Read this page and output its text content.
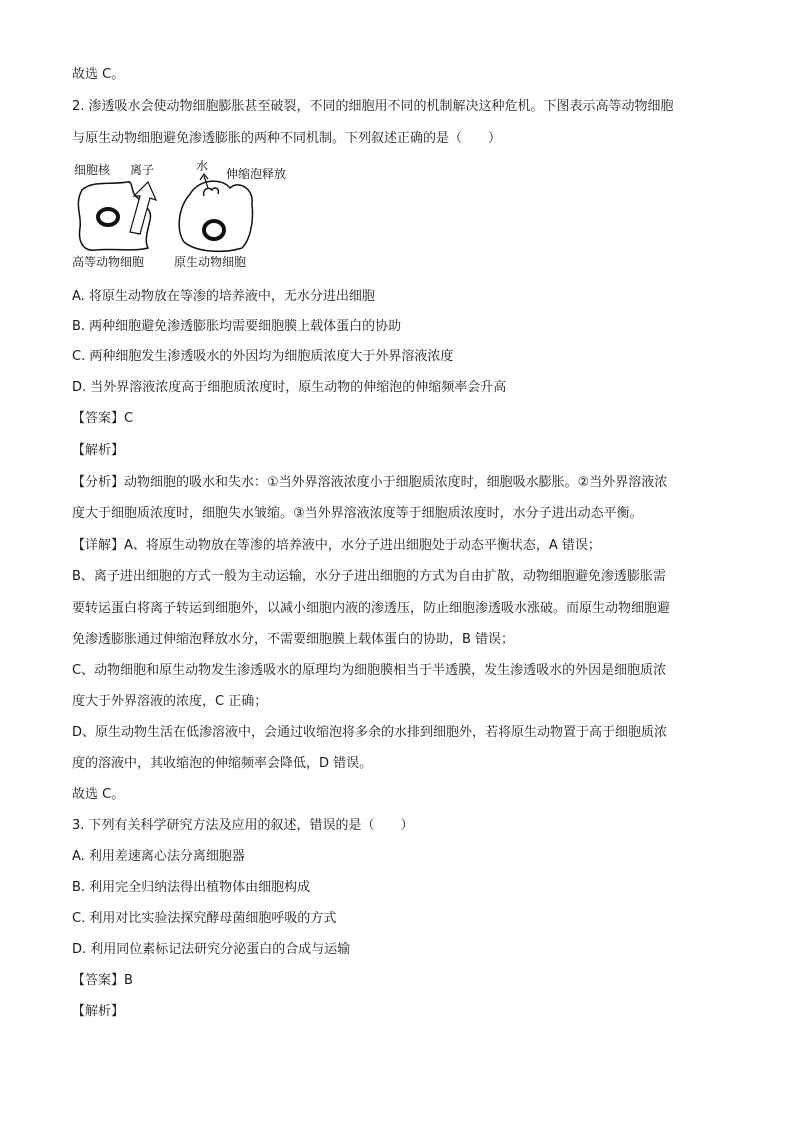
故选 C。
2. 渗透吸水会使动物细胞膨胀甚至破裂，不同的细胞用不同的机制解决这种危机。下图表示高等动物细胞
与原生动物细胞避免渗透膨胀的两种不同机制。下列叙述正确的是（　　）
细胞核 离子
高等动物细胞
水
伸缩泡释放
原生动物细胞
A. 将原生动物放在等渗的培养液中，无水分进出细胞
B. 两种细胞避免渗透膨胀均需要细胞膜上载体蛋白的协助
C. 两种细胞发生渗透吸水的外因均为细胞质浓度大于外界溶液浓度
D. 当外界溶液浓度高于细胞质浓度时，原生动物的伸缩泡的伸缩频率会升高
【答案】C
【解析】
【分析】动物细胞的吸水和失水：①当外界溶液浓度小于细胞质浓度时，细胞吸水膨胀。②当外界溶液浓
度大于细胞质浓度时，细胞失水皱缩。③当外界溶液浓度等于细胞质浓度时，水分子进出动态平衡。
【详解】A、将原生动物放在等渗的培养液中，水分子进出细胞处于动态平衡状态，A 错误；
B、离子进出细胞的方式一般为主动运输，水分子进出细胞的方式为自由扩散，动物细胞避免渗透膨胀需
要转运蛋白将离子转运到细胞外，以减小细胞内液的渗透压，防止细胞渗透吸水涨破。而原生动物细胞避
免渗透膨胀通过伸缩泡释放水分，不需要细胞膜上载体蛋白的协助，B 错误；
C、动物细胞和原生动物发生渗透吸水的原理均为细胞膜相当于半透膜，发生渗透吸水的外因是细胞质浓
度大于外界溶液的浓度，C 正确；
D、原生动物生活在低渗溶液中，会通过收缩泡将多余的水排到细胞外，若将原生动物置于高于细胞质浓
度的溶液中，其收缩泡的伸缩频率会降低，D 错误。
故选 C。
3. 下列有关科学研究方法及应用的叙述，错误的是（　　）
A. 利用差速离心法分离细胞器
B. 利用完全归纳法得出植物体由细胞构成
C. 利用对比实验法探究酵母菌细胞呼吸的方式
D. 利用同位素标记法研究分泌蛋白的合成与运输
【答案】B
【解析】
